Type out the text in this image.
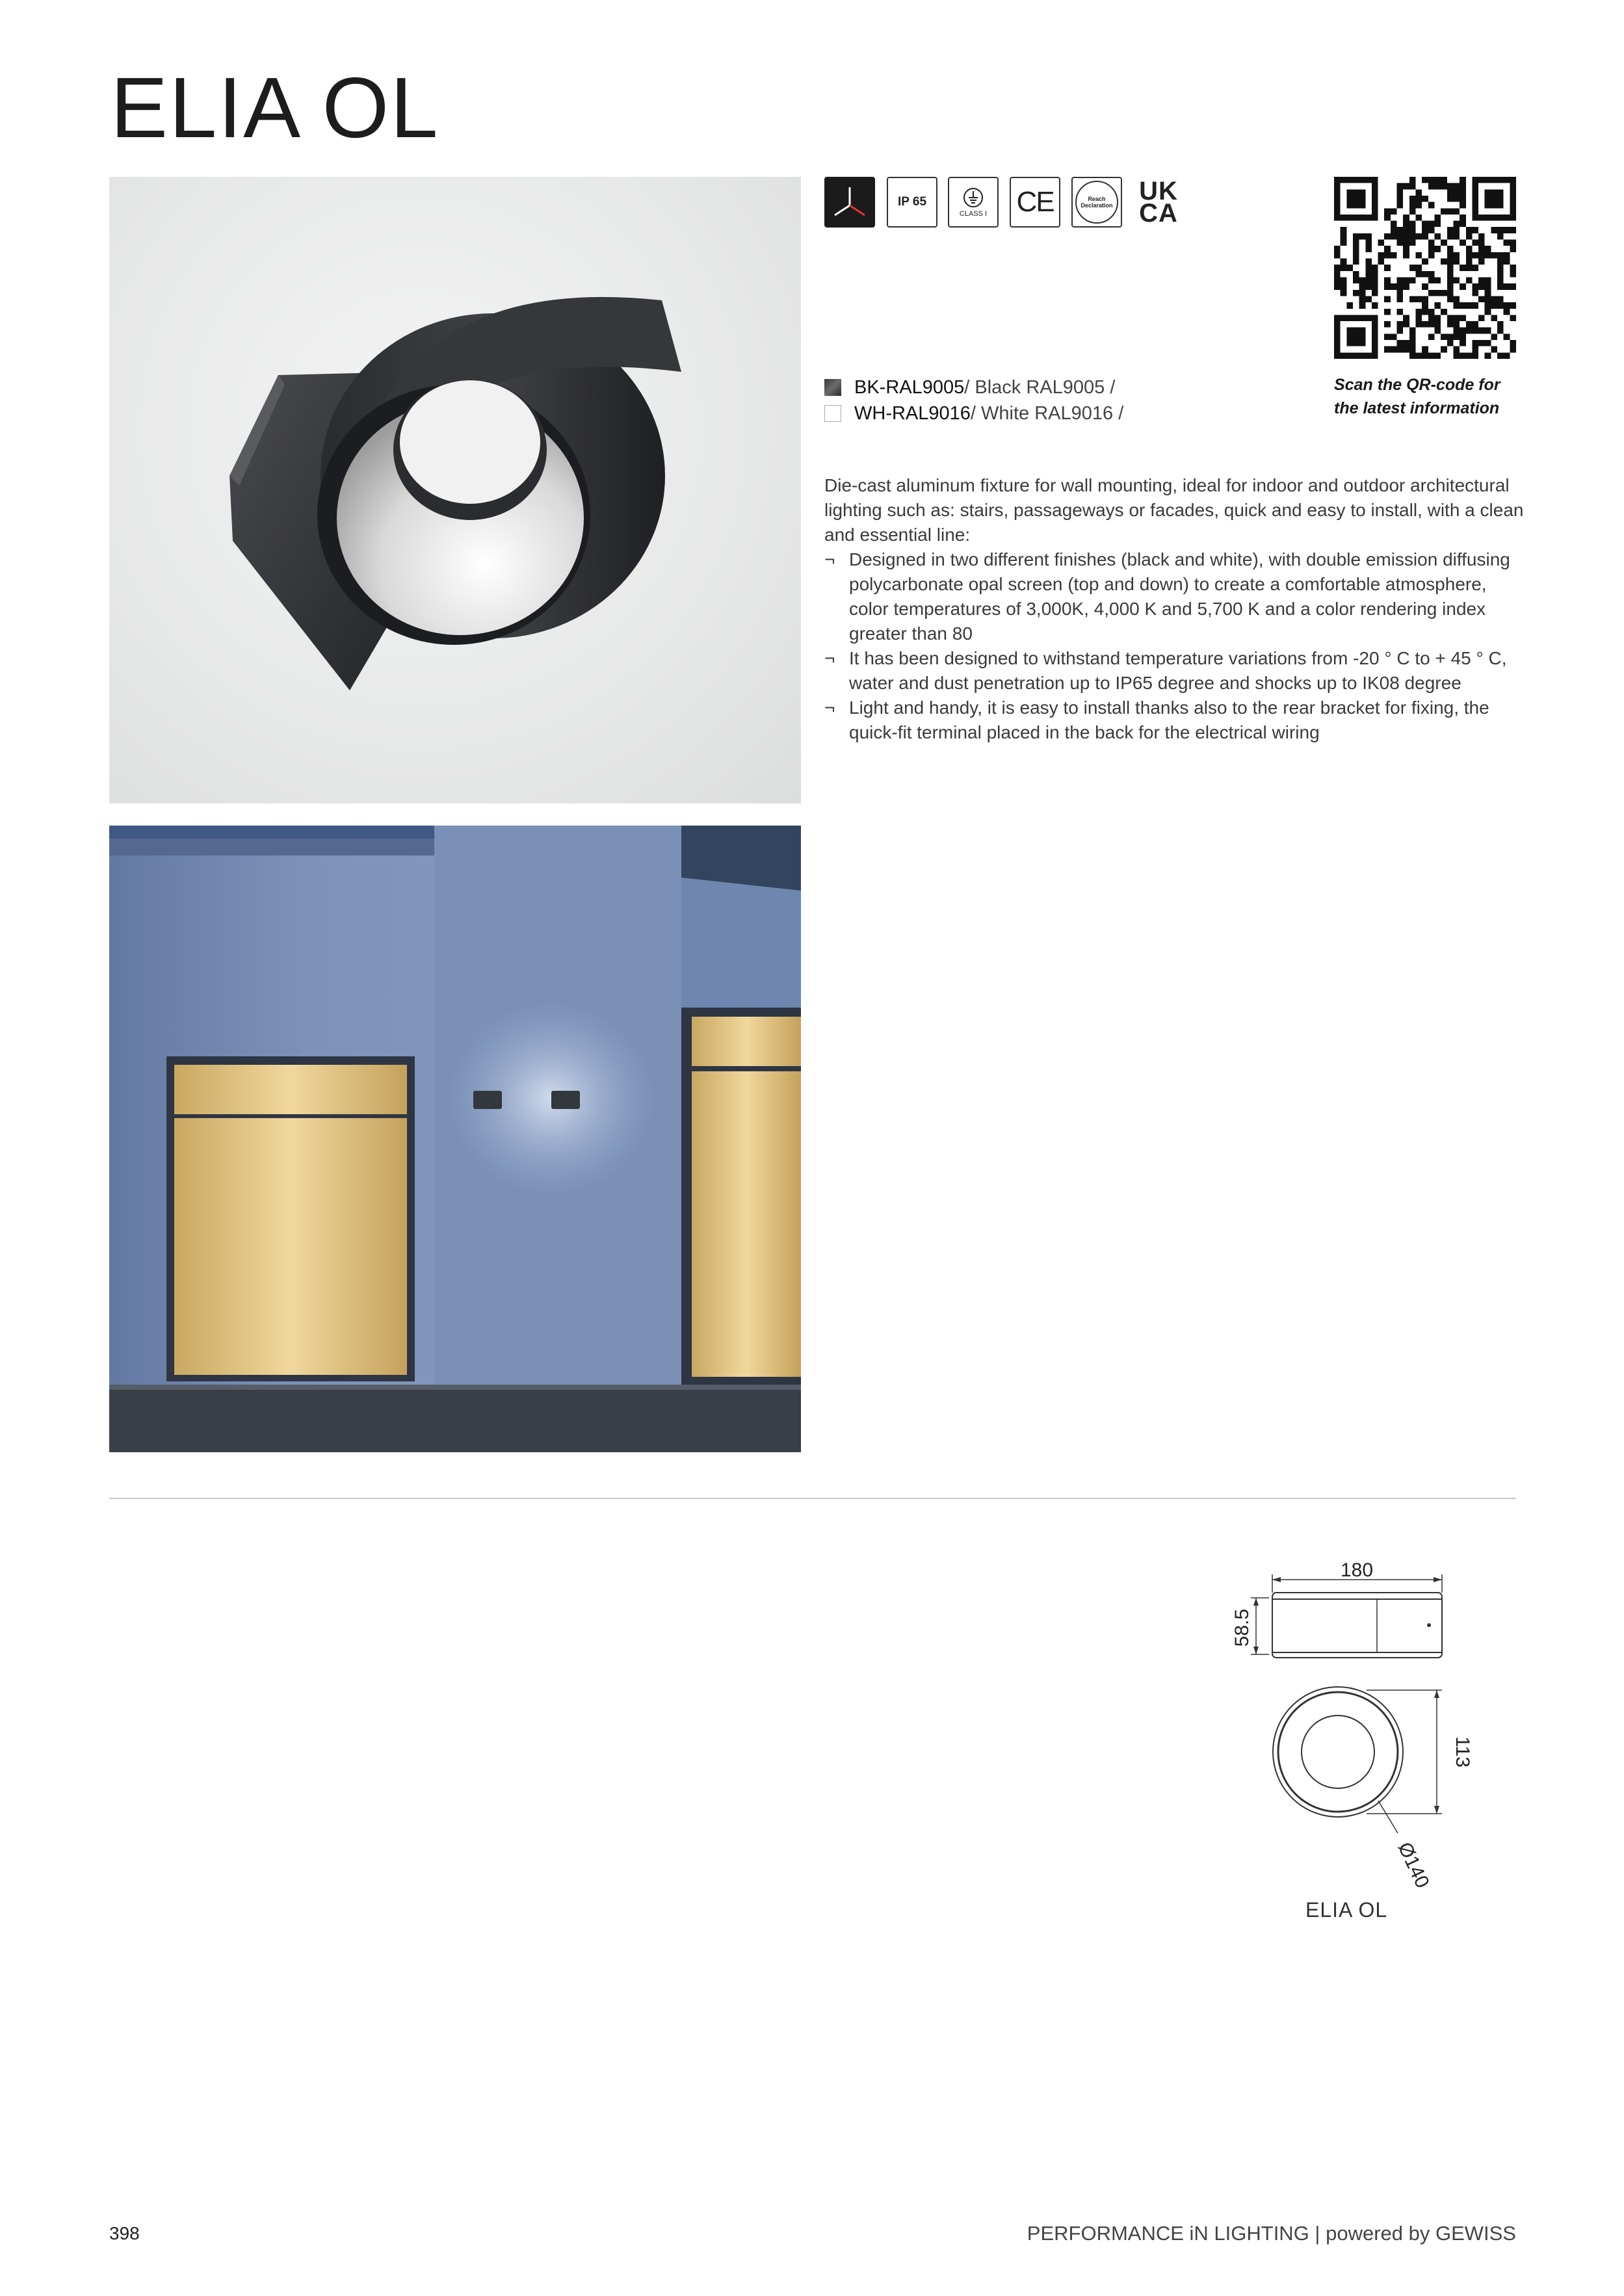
ELIA OL
IP 65
CLASS I CE	Reach Declaration UK
CA
Scan the QR-code for
the latest information
BK-RAL9005 / Black RAL9005 /
WH-RAL9016 / White RAL9016 /

Die-cast aluminum fixture for wall mounting, ideal for indoor and outdoor architectural lighting such as: stairs, passageways or facades, quick and easy to install, with a clean and essential line:

¬ Designed in two different finishes (black and white), with double emission diffusing polycarbonate opal screen (top and down) to create a comfortable atmosphere, color temperatures of 3,000K, 4,000 K and 5,700 K and a color rendering index greater than 80
¬ It has been designed to withstand temperature variations from -20 ° C to + 45 ° C, water and dust penetration up to IP65 degree and shocks up to IK08 degree
¬ Light and handy, it is easy to install thanks also to the rear bracket for fixing, the quick-fit terminal placed in the back for the electrical wiring
180
58.5
113
Ø140
ELIA OL
398	PERFORMANCE iN LIGHTING | powered by GEWISS
